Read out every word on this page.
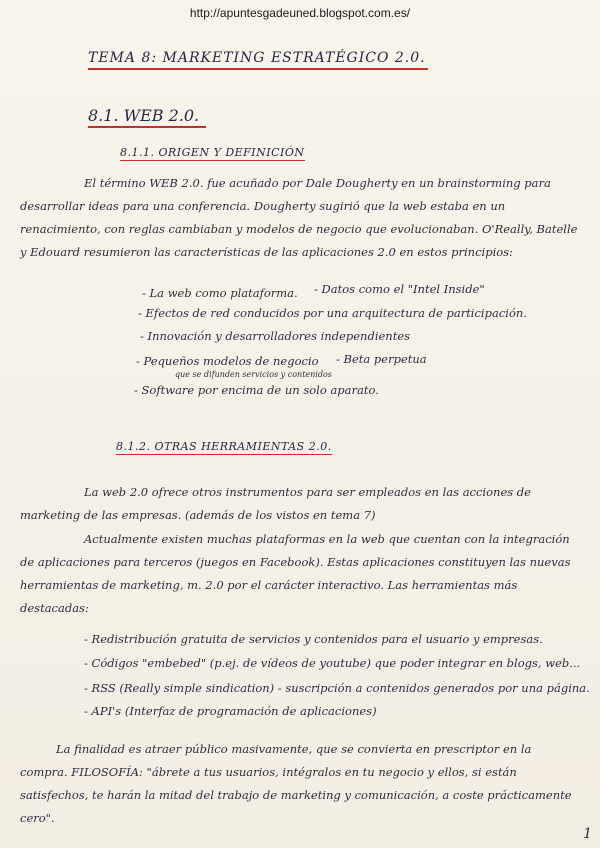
http://apuntesgadeuned.blogspot.com.es/
TEMA 8: MARKETING ESTRATÉGICO 2.0.
8.1. WEB 2.0.
8.1.1. ORIGEN Y DEFINICIÓN
El término WEB 2.0. fue acuñado por Dale Dougherty en un brainstorming para desarrollar ideas para una conferencia. Dougherty sugirió que la web estaba en un renacimiento, con reglas cambiaban y modelos de negocio que evolucionaban. O'Really, Batelle y Edouard resumieron las características de las aplicaciones 2.0 en estos principios:
- La web como plataforma. - Datos como el "Intel Inside"
- Efectos de red conducidos por una arquitectura de participación.
- Innovación y desarrolladores independientes
- Pequeños modelos de negocio - Beta perpetua
que se difunden servicios y contenidos
- Software por encima de un solo aparato.
8.1.2. OTRAS HERRAMIENTAS 2.0.
La web 2.0 ofrece otros instrumentos para ser empleados en las acciones de marketing de las empresas. (además de los vistos en tema 7)
Actualmente existen muchas plataformas en la web que cuentan con la integración de aplicaciones para terceros (juegos en Facebook). Estas aplicaciones constituyen las nuevas herramientas de marketing, m. 2.0 por el carácter interactivo. Las herramientas más destacadas:
- Redistribución gratuita de servicios y contenidos para el usuario y empresas.
- Códigos "embebed" (p.ej. de vídeos de youtube) que poder integrar en blogs, web...
- RSS (Really simple sindication) - suscripción a contenidos generados por una página.
- API's (Interfaz de programación de aplicaciones)
La finalidad es atraer público masivamente, que se convierta en prescriptor en la compra. FILOSOFÍA: "ábrete a tus usuarios, intégralos en tu negocio y ellos, si están satisfechos, te harán la mitad del trabajo de marketing y comunicación, a coste prácticamente cero".
1
